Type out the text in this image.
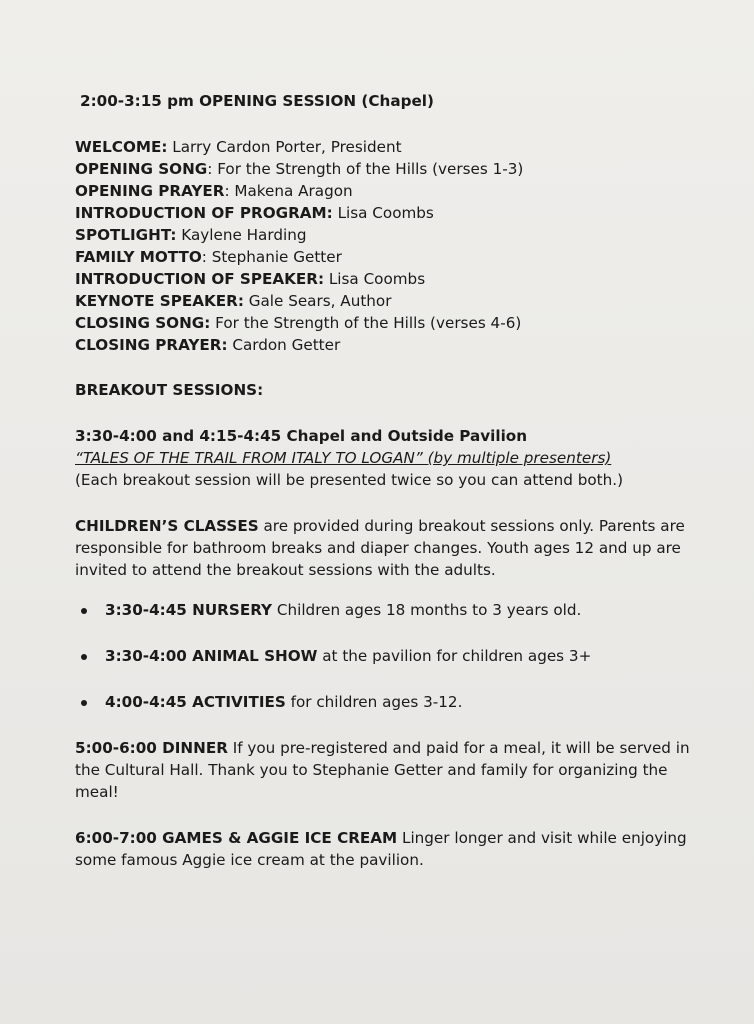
2:00-3:15 pm OPENING SESSION (Chapel)
WELCOME: Larry Cardon Porter, President
OPENING SONG: For the Strength of the Hills (verses 1-3)
OPENING PRAYER: Makena Aragon
INTRODUCTION OF PROGRAM: Lisa Coombs
SPOTLIGHT: Kaylene Harding
FAMILY MOTTO: Stephanie Getter
INTRODUCTION OF SPEAKER: Lisa Coombs
KEYNOTE SPEAKER: Gale Sears, Author
CLOSING SONG: For the Strength of the Hills (verses 4-6)
CLOSING PRAYER: Cardon Getter
BREAKOUT SESSIONS:
3:30-4:00 and 4:15-4:45 Chapel and Outside Pavilion
“TALES OF THE TRAIL FROM ITALY TO LOGAN” (by multiple presenters)
(Each breakout session will be presented twice so you can attend both.)

CHILDREN’S CLASSES are provided during breakout sessions only. Parents are responsible for bathroom breaks and diaper changes. Youth ages 12 and up are invited to attend the breakout sessions with the adults.

3:30-4:45 NURSERY Children ages 18 months to 3 years old.
3:30-4:00 ANIMAL SHOW at the pavilion for children ages 3+
4:00-4:45 ACTIVITIES for children ages 3-12.

5:00-6:00 DINNER If you pre-registered and paid for a meal, it will be served in the Cultural Hall. Thank you to Stephanie Getter and family for organizing the meal!

6:00-7:00 GAMES & AGGIE ICE CREAM Linger longer and visit while enjoying some famous Aggie ice cream at the pavilion.
